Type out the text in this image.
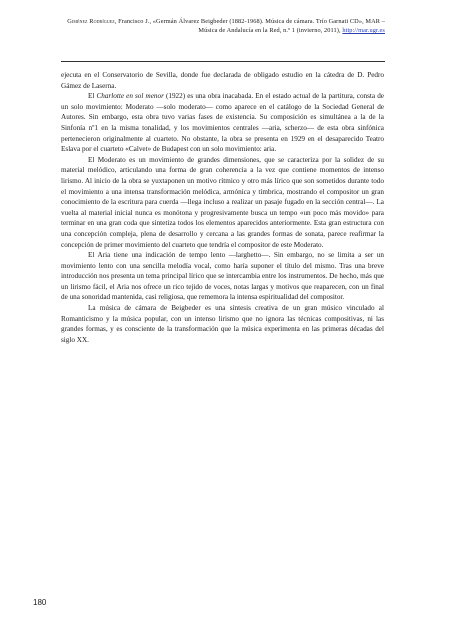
Giménez Rodríguez, Francisco J., «Germán Álvarez Beigbeder (1882-1968). Música de cámara. Trío Garnati CD», MAR – Música de Andalucía en la Red, n.º 1 (invierno, 2011), http://mar.ugr.es

ejecuta en el Conservatorio de Sevilla, donde fue declarada de obligado estudio en la cátedra de D. Pedro Gámez de Laserna.

El Charlotte en sol menor (1922) es una obra inacabada. En el estado actual de la partitura, consta de un solo movimiento: Moderato —solo moderato— como aparece en el catálogo de la Sociedad General de Autores. Sin embargo, esta obra tuvo varias fases de existencia. Su composición es simultánea a la de la Sinfonía nº1 en la misma tonalidad, y los movimientos centrales —aria, scherzo— de esta obra sinfónica pertenecieron originalmente al cuarteto. No obstante, la obra se presenta en 1929 en el desaparecido Teatro Eslava por el cuarteto «Calvet» de Budapest con un solo movimiento: aria.

El Moderato es un movimiento de grandes dimensiones, que se caracteriza por la solidez de su material melódico, articulando una forma de gran coherencia a la vez que contiene momentos de intenso lirismo. Al inicio de la obra se yuxtaponen un motivo rítmico y otro más lírico que son sometidos durante todo el movimiento a una intensa transformación melódica, armónica y tímbrica, mostrando el compositor un gran conocimiento de la escritura para cuerda —llega incluso a realizar un pasaje fugado en la sección central—. La vuelta al material inicial nunca es monótona y progresivamente busca un tempo «un poco más movido» para terminar en una gran coda que sintetiza todos los elementos aparecidos anteriormente. Esta gran estructura con una concepción compleja, plena de desarrollo y cercana a las grandes formas de sonata, parece reafirmar la concepción de primer movimiento del cuarteto que tendría el compositor de este Moderato.

El Aria tiene una indicación de tempo lento —larghetto—. Sin embargo, no se limita a ser un movimiento lento con una sencilla melodía vocal, como haría suponer el título del mismo. Tras una breve introducción nos presenta un tema principal lírico que se intercambia entre los instrumentos. De hecho, más que un lirismo fácil, el Aria nos ofrece un rico tejido de voces, notas largas y motivos que reaparecen, con un final de una sonoridad mantenida, casi religiosa, que rememora la intensa espiritualidad del compositor.

La música de cámara de Beigbeder es una síntesis creativa de un gran músico vinculado al Romanticismo y la música popular, con un intenso lirismo que no ignora las técnicas compositivas, ni las grandes formas, y es consciente de la transformación que la música experimenta en las primeras décadas del siglo XX.

180
